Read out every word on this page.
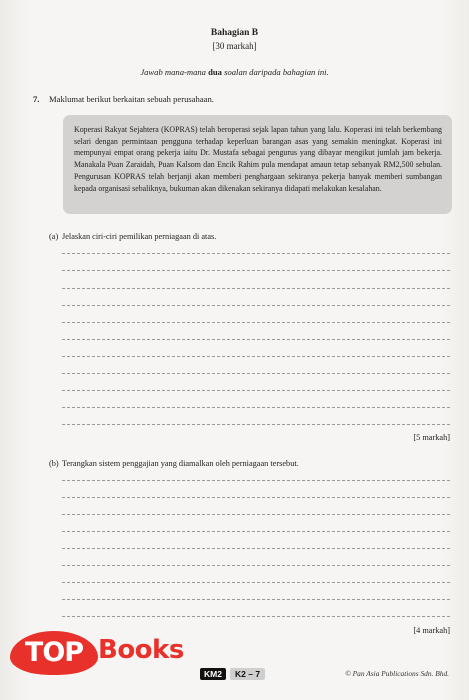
Bahagian B
[30 markah]
Jawab mana-mana dua soalan daripada bahagian ini.
7. Maklumat berikut berkaitan sebuah perusahaan.
Koperasi Rakyat Sejahtera (KOPRAS) telah beroperasi sejak lapan tahun yang lalu. Koperasi ini telah berkembang selari dengan permintaan pengguna terhadap keperluan barangan asas yang semakin meningkat. Koperasi ini mempunyai empat orang pekerja iaitu Dr. Mustafa sebagai pengurus yang dibayar mengikut jumlah jam bekerja. Manakala Puan Zaraidah, Puan Kalsom dan Encik Rahim pula mendapat amaun tetap sebanyak RM2,500 sebulan. Pengurusan KOPRAS telah berjanji akan memberi penghargaan sekiranya pekerja banyak memberi sumbangan kepada organisasi sebaliknya, bukuman akan dikenakan sekiranya didapati melakukan kesalahan.
(a) Jelaskan ciri-ciri pemilikan perniagaan di atas.
[5 markah]
(b) Terangkan sistem penggajian yang diamalkan oleh perniagaan tersebut.
[4 markah]
TOP Books
KM2	K2 – 7	© Pan Asia Publications Sdn. Bhd.
